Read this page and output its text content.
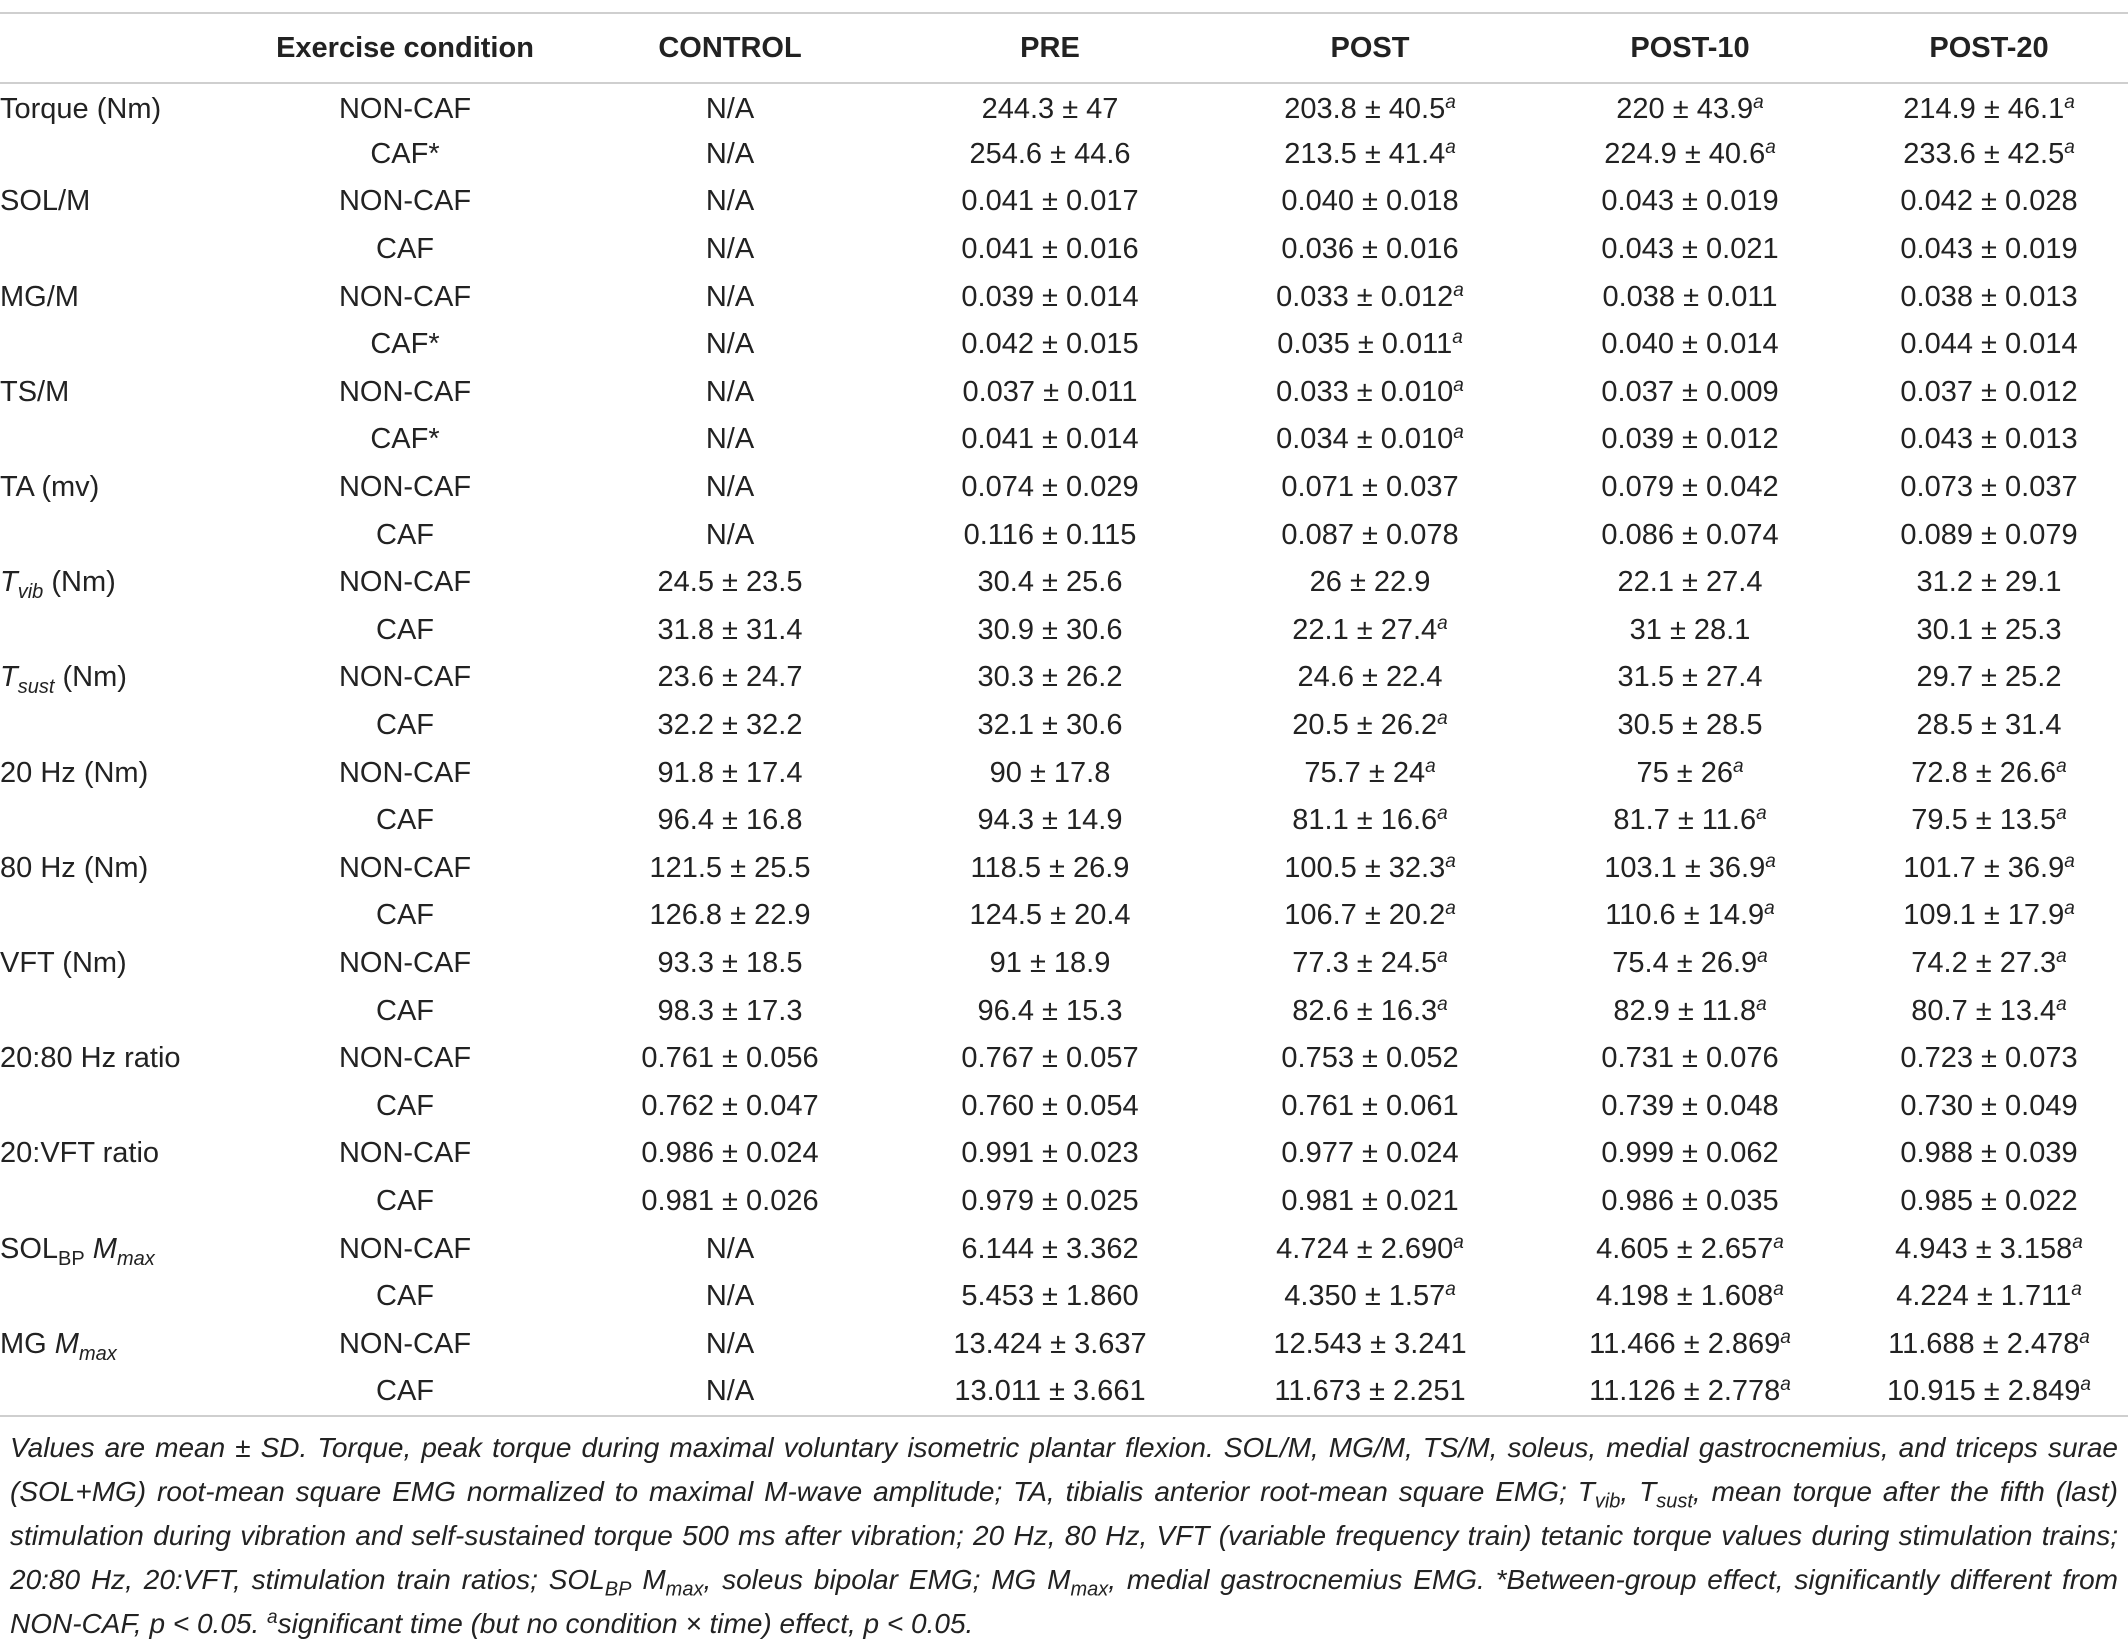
	Exercise condition	CONTROL	PRE	POST	POST-10	POST-20
Torque (Nm)	NON-CAF	N/A	244.3 ± 47	203.8 ± 40.5$^a$	220 ± 43.9$^a$	214.9 ± 46.1$^a$
	CAF*	N/A	254.6 ± 44.6	213.5 ± 41.4$^a$	224.9 ± 40.6$^a$	233.6 ± 42.5$^a$
SOL/M	NON-CAF	N/A	0.041 ± 0.017	0.040 ± 0.018	0.043 ± 0.019	0.042 ± 0.028
	CAF	N/A	0.041 ± 0.016	0.036 ± 0.016	0.043 ± 0.021	0.043 ± 0.019
MG/M	NON-CAF	N/A	0.039 ± 0.014	0.033 ± 0.012$^a$	0.038 ± 0.011	0.038 ± 0.013
	CAF*	N/A	0.042 ± 0.015	0.035 ± 0.011$^a$	0.040 ± 0.014	0.044 ± 0.014
TS/M	NON-CAF	N/A	0.037 ± 0.011	0.033 ± 0.010$^a$	0.037 ± 0.009	0.037 ± 0.012
	CAF*	N/A	0.041 ± 0.014	0.034 ± 0.010$^a$	0.039 ± 0.012	0.043 ± 0.013
TA (mv)	NON-CAF	N/A	0.074 ± 0.029	0.071 ± 0.037	0.079 ± 0.042	0.073 ± 0.037
	CAF	N/A	0.116 ± 0.115	0.087 ± 0.078	0.086 ± 0.074	0.089 ± 0.079
$T_{vib}$ (Nm)	NON-CAF	24.5 ± 23.5	30.4 ± 25.6	26 ± 22.9	22.1 ± 27.4	31.2 ± 29.1
	CAF	31.8 ± 31.4	30.9 ± 30.6	22.1 ± 27.4$^a$	31 ± 28.1	30.1 ± 25.3
$T_{sust}$ (Nm)	NON-CAF	23.6 ± 24.7	30.3 ± 26.2	24.6 ± 22.4	31.5 ± 27.4	29.7 ± 25.2
	CAF	32.2 ± 32.2	32.1 ± 30.6	20.5 ± 26.2$^a$	30.5 ± 28.5	28.5 ± 31.4
20 Hz (Nm)	NON-CAF	91.8 ± 17.4	90 ± 17.8	$75.7 \pm 24^a$	$75 \pm 26^a$	72.8 ± 26.6$^a$
	CAF	96.4 ± 16.8	94.3 ± 14.9	81.1 ± 16.6$^a$	81.7 ± 11.6$^a$	79.5 ± 13.5$^a$
80 Hz (Nm)	NON-CAF	121.5 ± 25.5	118.5 ± 26.9	100.5 ± 32.3$^a$	103.1 ± 36.9$^a$	101.7 ± 36.9$^a$
	CAF	126.8 ± 22.9	124.5 ± 20.4	106.7 ± 20.2$^a$	110.6 ± 14.9$^a$	109.1 ± 17.9$^a$
VFT (Nm)	NON-CAF	93.3 ± 18.5	91 ± 18.9	77.3 ± 24.5$^a$	75.4 ± 26.9$^a$	74.2 ± 27.3$^a$
	CAF	98.3 ± 17.3	96.4 ± 15.3	82.6 ± 16.3$^a$	82.9 ± 11.8$^a$	80.7 ± 13.4$^a$
20:80 Hz ratio	NON-CAF	0.761 ± 0.056	0.767 ± 0.057	0.753 ± 0.052	0.731 ± 0.076	0.723 ± 0.073
	CAF	0.762 ± 0.047	0.760 ± 0.054	0.761 ± 0.061	0.739 ± 0.048	0.730 ± 0.049
20:VFT ratio	NON-CAF	0.986 ± 0.024	0.991 ± 0.023	0.977 ± 0.024	0.999 ± 0.062	0.988 ± 0.039
	CAF	0.981 ± 0.026	0.979 ± 0.025	0.981 ± 0.021	0.986 ± 0.035	0.985 ± 0.022
$SOL_{BP}$ $M_{max}$	NON-CAF	N/A	6.144 ± 3.362	4.724 ± 2.690$^a$	4.605 ± 2.657$^a$	4.943 ± 3.158$^a$
	CAF	N/A	5.453 ± 1.860	4.350 ± 1.57$^a$	4.198 ± 1.608$^a$	4.224 ± 1.711$^a$
MG $M_{max}$	NON-CAF	N/A	13.424 ± 3.637	12.543 ± 3.241	11.466 ± 2.869$^a$	11.688 ± 2.478$^a$
	CAF	N/A	13.011 ± 3.661	11.673 ± 2.251	11.126 ± 2.778$^a$	10.915 ± 2.849$^a$
Values are mean ± SD. Torque, peak torque during maximal voluntary isometric plantar flexion. SOL/M, MG/M, TS/M, soleus, medial gastrocnemius, and triceps surae (SOL+MG) root-mean square EMG normalized to maximal M-wave amplitude; TA, tibialis anterior root-mean square EMG; $T_{vib}$, $T_{sust}$, mean torque after the fifth (last) stimulation during vibration and self-sustained torque 500 ms after vibration; 20 Hz, 80 Hz, VFT (variable frequency train) tetanic torque values during stimulation trains; 20:80 Hz, 20:VFT, stimulation train ratios; $SOL_{BP}$ $M_{max}$, soleus bipolar EMG; MG $M_{max}$, medial gastrocnemius EMG. *Between-group effect, significantly different from NON-CAF, p < 0.05. $^a$significant time (but no condition × time) effect, p < 0.05.
